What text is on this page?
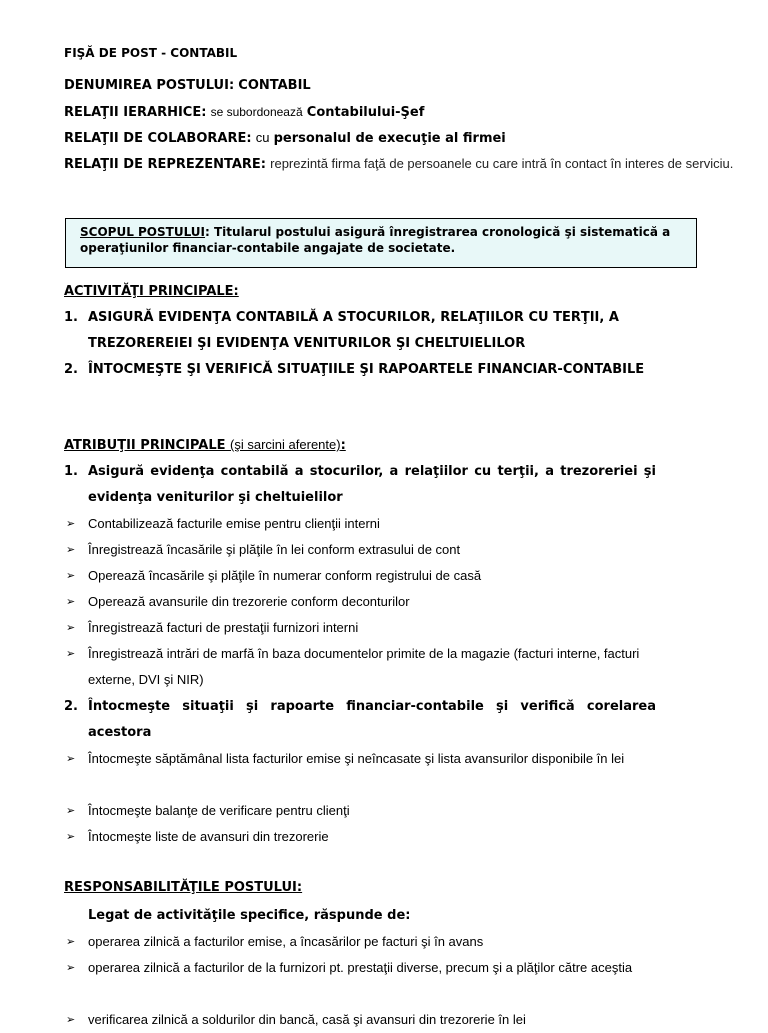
FIŞĂ DE POST - CONTABIL
DENUMIREA POSTULUI: CONTABIL
RELAŢII IERARHICE: se subordonează Contabilului-Şef
RELAŢII DE COLABORARE: cu personalul de execuţie al firmei
RELAŢII DE REPREZENTARE: reprezintă firma faţă de persoanele cu care intră în contact în interes de serviciu.
SCOPUL POSTULUI: Titularul postului asigură înregistrarea cronologică şi sistematică a operaţiunilor financiar-contabile angajate de societate.
ACTIVITĂŢI PRINCIPALE:
1. ASIGURĂ EVIDENŢA CONTABILĂ A STOCURILOR, RELAŢIILOR CU TERŢII, A TREZOREREIEI ŞI EVIDENŢA VENITURILOR ŞI CHELTUIELILOR
2. ÎNTOCMEŞTE ŞI VERIFICĂ SITUAŢIILE ŞI RAPOARTELE FINANCIAR-CONTABILE
ATRIBUŢII PRINCIPALE (şi sarcini aferente):
1. Asigură evidenţa contabilă a stocurilor, a relaţiilor cu terţii, a trezoreriei şi evidenţa veniturilor şi cheltuielilor
➢ Contabilizează facturile emise pentru clienţii interni
➢ Înregistrează încasările şi plăţile în lei conform extrasului de cont
➢ Operează încasările şi plăţile în numerar conform registrului de casă
➢ Operează avansurile din trezorerie conform deconturilor
➢ Înregistrează facturi de prestaţii furnizori interni
➢ Înregistrează intrări de marfă în baza documentelor primite de la magazie (facturi interne, facturi externe, DVI şi NIR)
2. Întocmeşte situaţii şi rapoarte financiar-contabile şi verifică corelarea acestora
➢ Întocmeşte săptămânal lista facturilor emise şi neîncasate şi lista avansurilor disponibile în lei
➢ Întocmeşte balanţe de verificare pentru clienţi
➢ Întocmeşte liste de avansuri din trezorerie
RESPONSABILITĂŢILE POSTULUI:
Legat de activităţile specifice, răspunde de:
➢ operarea zilnică a facturilor emise, a încasărilor pe facturi şi în avans
➢ operarea zilnică a facturilor de la furnizori pt. prestaţii diverse, precum şi a plăţilor către aceştia
➢ verificarea zilnică a soldurilor din bancă, casă şi avansuri din trezorerie în lei
